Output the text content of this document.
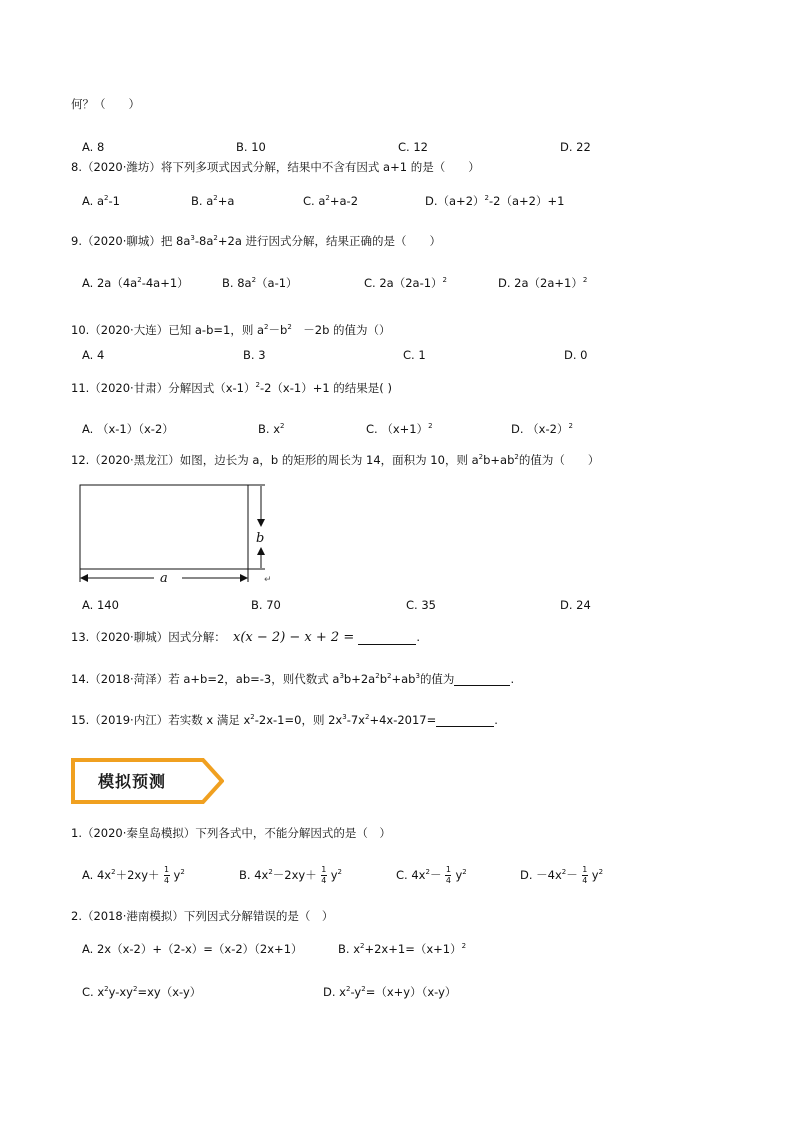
何？（　　）
A. 8	B. 10	C. 12	D. 22
8.（2020·潍坊）将下列多项式因式分解，结果中不含有因式 a+1 的是（　　）
A. $a^2-1$	B. $a^2+a$	C. $a^2+a-2$	$D.(a+2)^2-2(a+2)+1$
9.（2020·聊城）把 $8a^3-8a^2+2a$ 进行因式分解，结果正确的是（　　）
A. $2a(4a^2-4a+1)$	B. $8a^2(a-1)$	C. $2a(2a-1)^2$	D. $2a(2a+1)^2$
10.（2020·大连）已知 a-b=1，则 $a^2-b^2$　－2b 的值为（）
A. 4	B. 3	C. 1	D. 0
11.（2020·甘肃）分解因式$(x-1)^2-2(x-1)+1$ 的结果是( )
A. （x-1）（x-2）	B. $x^2$	C. $(x+1)^2$	D. $(x-2)^2$
12.（2020·黑龙江）如图，边长为 a，b 的矩形的周长为 14，面积为 10，则 $a^2b+ab^2$的值为（　　）
a
b
↵
A. 140	B. 70	C. 35	D. 24
13.（2020·聊城）因式分解： x(x − 2) − x + 2 =	.
14.（2018·菏泽）若 a+b=2，ab=-3，则代数式 $a^3b+2a^2b^2+ab^3$的值为	.
15.（2019·内江）若实数 x 满足 $x^2-2x-1=0$，则 $2x^3-7x^2+4x-2017=$	.
模拟预测
1.（2020·秦皇岛模拟）下列各式中，不能分解因式的是（　）
A. $4x^2+2xy+ \frac{1}{4} y^2$	B. $4x^2-2xy+ \frac{1}{4} y^2$	C. $4x^2- \frac{1}{4} y^2$	D. $-4x^2- \frac{1}{4} y^2$
2.（2018·港南模拟）下列因式分解错误的是（　）
A. 2x（x-2）+（2-x）=（x-2）（2x+1）	B. $x^2+2x+1=(x+1)^2$
C. $x^2y-xy^2=xy(x-y)$	D. $x^2-y^2=(x+y)(x-y)$
